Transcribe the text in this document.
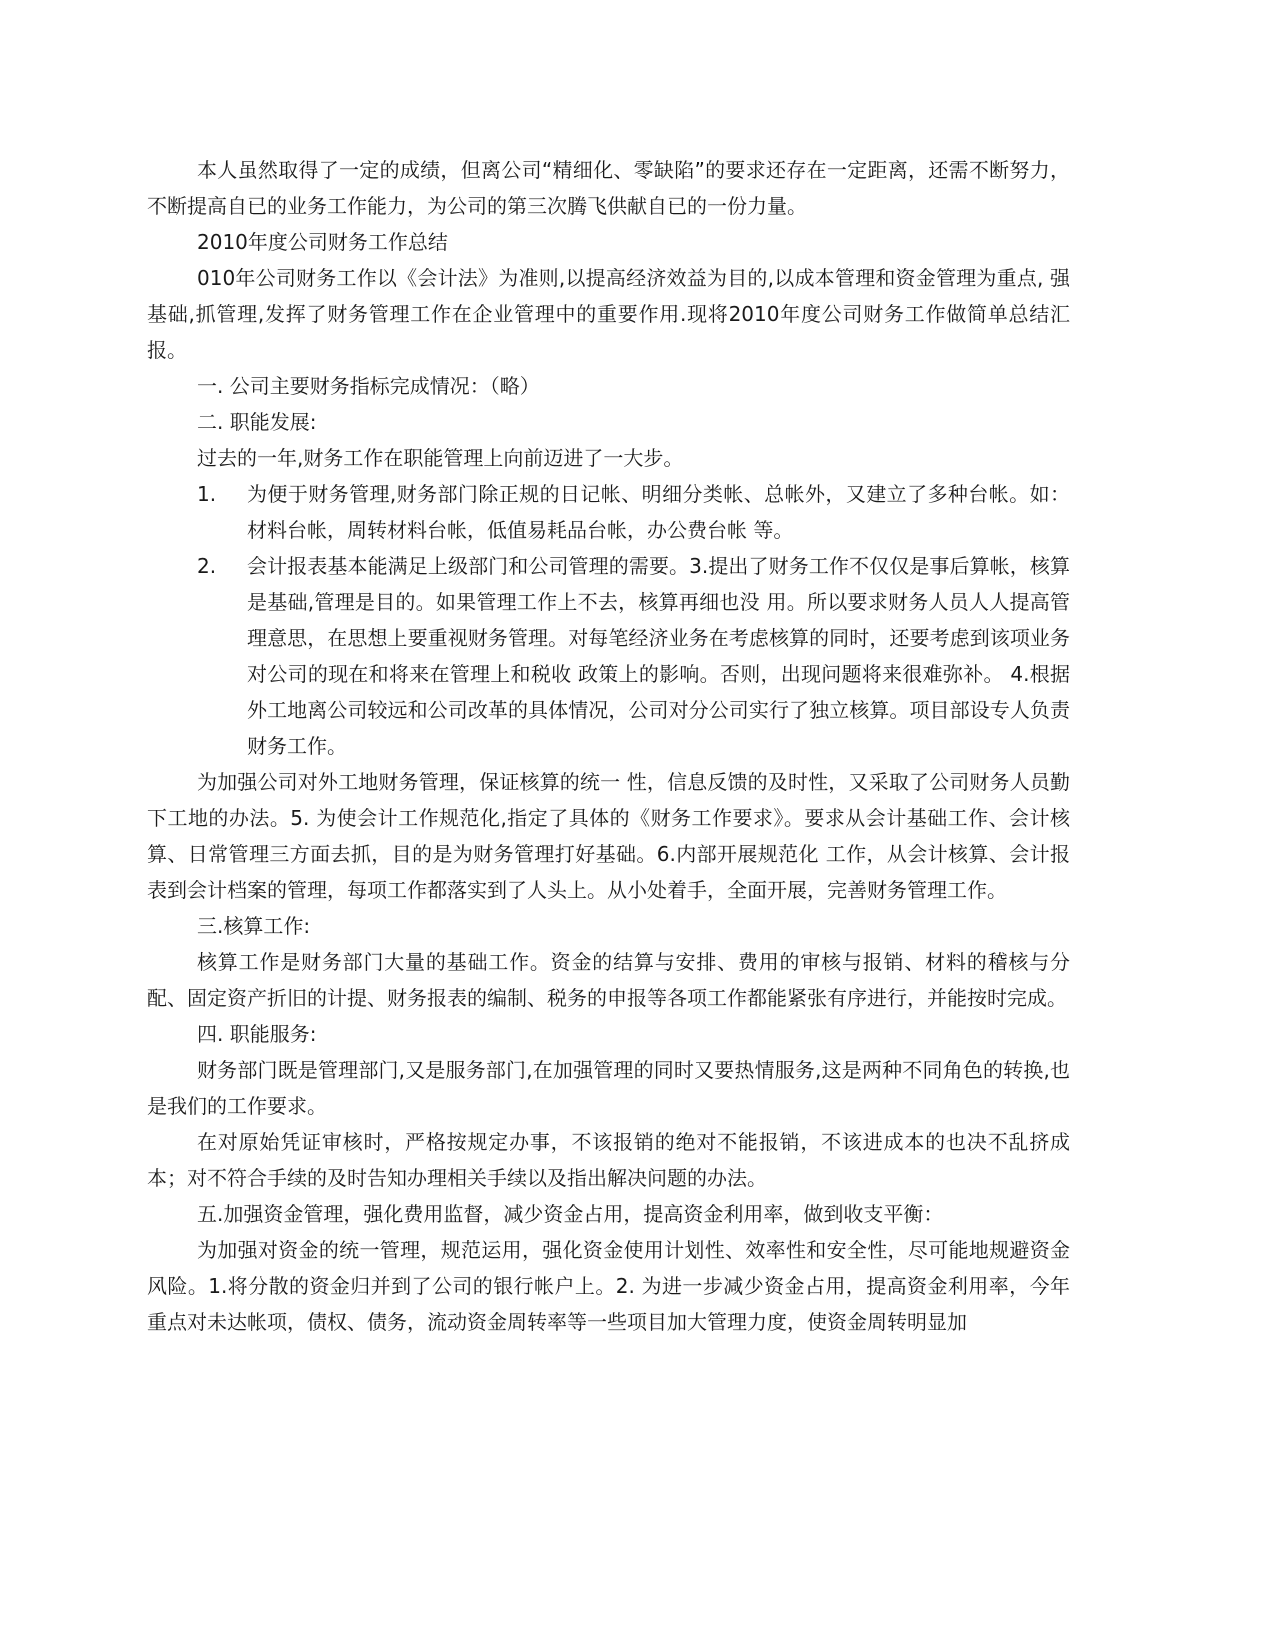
本人虽然取得了一定的成绩，但离公司“精细化、零缺陷”的要求还存在一定距离，还需不断努力，不断提高自已的业务工作能力，为公司的第三次腾飞供献自已的一份力量。

2010年度公司财务工作总结

010年公司财务工作以《会计法》为准则,以提高经济效益为目的,以成本管理和资金管理为重点, 强基础,抓管理,发挥了财务管理工作在企业管理中的重要作用.现将2010年度公司财务工作做简单总结汇报。

一. 公司主要财务指标完成情况：（略）

二. 职能发展:

过去的一年,财务工作在职能管理上向前迈进了一大步。

1. 为便于财务管理,财务部门除正规的日记帐、明细分类帐、总帐外，又建立了多种台帐。如：材料台帐，周转材料台帐，低值易耗品台帐，办公费台帐 等。

2. 会计报表基本能满足上级部门和公司管理的需要。3.提出了财务工作不仅仅是事后算帐，核算是基础,管理是目的。如果管理工作上不去，核算再细也没 用。所以要求财务人员人人提高管理意思，在思想上要重视财务管理。对每笔经济业务在考虑核算的同时，还要考虑到该项业务对公司的现在和将来在管理上和税收 政策上的影响。否则，出现问题将来很难弥补。 4.根据外工地离公司较远和公司改革的具体情况，公司对分公司实行了独立核算。项目部设专人负责财务工作。

为加强公司对外工地财务管理，保证核算的统一 性，信息反馈的及时性，又采取了公司财务人员勤下工地的办法。5. 为使会计工作规范化,指定了具体的《财务工作要求》。要求从会计基础工作、会计核算、日常管理三方面去抓，目的是为财务管理打好基础。6.内部开展规范化 工作，从会计核算、会计报表到会计档案的管理，每项工作都落实到了人头上。从小处着手，全面开展，完善财务管理工作。

三.核算工作:

核算工作是财务部门大量的基础工作。资金的结算与安排、费用的审核与报销、材料的稽核与分配、固定资产折旧的计提、财务报表的编制、税务的申报等各项工作都能紧张有序进行，并能按时完成。

四. 职能服务:

财务部门既是管理部门,又是服务部门,在加强管理的同时又要热情服务,这是两种不同角色的转换,也是我们的工作要求。

在对原始凭证审核时，严格按规定办事，不该报销的绝对不能报销，不该进成本的也决不乱挤成本；对不符合手续的及时告知办理相关手续以及指出解决问题的办法。

五.加强资金管理，强化费用监督，减少资金占用，提高资金利用率，做到收支平衡：

为加强对资金的统一管理，规范运用，强化资金使用计划性、效率性和安全性，尽可能地规避资金风险。1.将分散的资金归并到了公司的银行帐户上。2. 为进一步减少资金占用，提高资金利用率，今年重点对未达帐项，债权、债务，流动资金周转率等一些项目加大管理力度，使资金周转明显加
